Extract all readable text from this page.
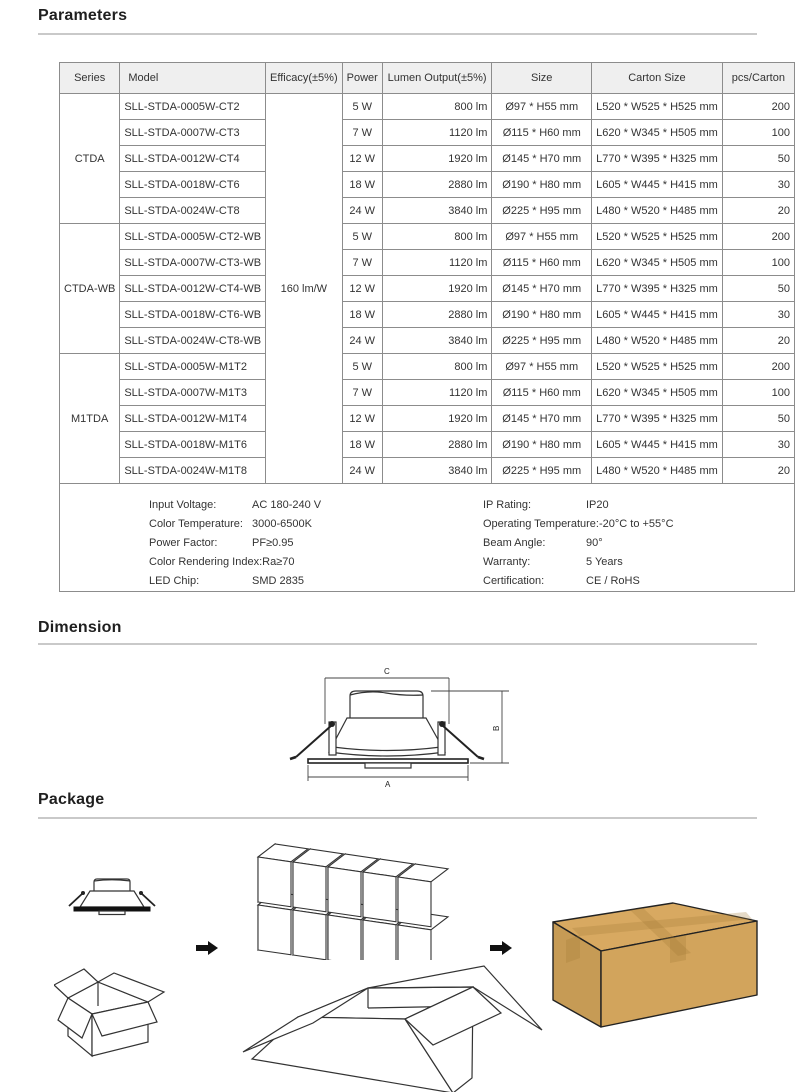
Parameters
Series	Model	Efficacy(±5%)	Power	Lumen Output(±5%)	Size	Carton Size	pcs/Carton
CTDA	SLL-STDA-0005W-CT2	160 lm/W	5 W	800 lm	Ø97 * H55 mm	L520 * W525 * H525 mm	200
	SLL-STDA-0007W-CT3		7 W	1120 lm	Ø115 * H60 mm	L620 * W345 * H505 mm	100
	SLL-STDA-0012W-CT4		12 W	1920 lm	Ø145 * H70 mm	L770 * W395 * H325 mm	50
	SLL-STDA-0018W-CT6		18 W	2880 lm	Ø190 * H80 mm	L605 * W445 * H415 mm	30
	SLL-STDA-0024W-CT8		24 W	3840 lm	Ø225 * H95 mm	L480 * W520 * H485 mm	20
CTDA-WB	SLL-STDA-0005W-CT2-WB		5 W	800 lm	Ø97 * H55 mm	L520 * W525 * H525 mm	200
	SLL-STDA-0007W-CT3-WB		7 W	1120 lm	Ø115 * H60 mm	L620 * W345 * H505 mm	100
	SLL-STDA-0012W-CT4-WB		12 W	1920 lm	Ø145 * H70 mm	L770 * W395 * H325 mm	50
	SLL-STDA-0018W-CT6-WB		18 W	2880 lm	Ø190 * H80 mm	L605 * W445 * H415 mm	30
	SLL-STDA-0024W-CT8-WB		24 W	3840 lm	Ø225 * H95 mm	L480 * W520 * H485 mm	20
M1TDA	SLL-STDA-0005W-M1T2		5 W	800 lm	Ø97 * H55 mm	L520 * W525 * H525 mm	200
	SLL-STDA-0007W-M1T3		7 W	1120 lm	Ø115 * H60 mm	L620 * W345 * H505 mm	100
	SLL-STDA-0012W-M1T4		12 W	1920 lm	Ø145 * H70 mm	L770 * W395 * H325 mm	50
	SLL-STDA-0018W-M1T6		18 W	2880 lm	Ø190 * H80 mm	L605 * W445 * H415 mm	30
	SLL-STDA-0024W-M1T8		24 W	3840 lm	Ø225 * H95 mm	L480 * W520 * H485 mm	20

Input Voltage:	AC 180-240 V
Color Temperature: 3000-6500K
Power Factor:	PF≥0.95
Color Rendering Index: Ra≥70
LED Chip:	SMD 2835
IP Rating:	IP20
Operating Temperature: -20°C to +55°C
Beam Angle:	90°
Warranty:	5 Years
Certification:	CE / RoHS
Dimension
C
B
A
Package
